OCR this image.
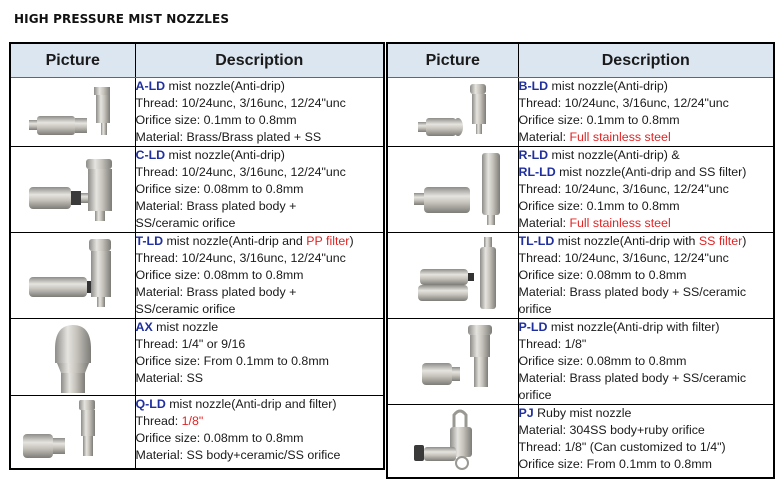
HIGH PRESSURE MIST NOZZLES
Picture	Description

A-LD mist nozzle(Anti-drip)
Thread: 10/24unc, 3/16unc, 12/24"unc
Orifice size: 0.1mm to 0.8mm
Material: Brass/Brass plated + SS

C-LD mist nozzle(Anti-drip)
Thread: 10/24unc, 3/16unc, 12/24"unc
Orifice size: 0.08mm to 0.8mm
Material: Brass plated body +
SS/ceramic orifice

T-LD mist nozzle(Anti-drip and PP filter)
Thread: 10/24unc, 3/16unc, 12/24"unc
Orifice size: 0.08mm to 0.8mm
Material: Brass plated body +
SS/ceramic orifice

AX mist nozzle
Thread: 1/4" or 9/16
Orifice size: From 0.1mm to 0.8mm
Material: SS

Q-LD mist nozzle(Anti-drip and filter)
Thread: 1/8"
Orifice size: 0.08mm to 0.8mm
Material: SS body+ceramic/SS orifice
Picture	Description

B-LD mist nozzle(Anti-drip)
Thread: 10/24unc, 3/16unc, 12/24"unc
Orifice size: 0.1mm to 0.8mm
Material: Full stainless steel

R-LD mist nozzle(Anti-drip) &
RL-LD mist nozzle(Anti-drip and SS filter)
Thread: 10/24unc, 3/16unc, 12/24"unc
Orifice size: 0.1mm to 0.8mm
Material: Full stainless steel

TL-LD mist nozzle(Anti-drip with SS filter)
Thread: 10/24unc, 3/16unc, 12/24"unc
Orifice size: 0.08mm to 0.8mm
Material: Brass plated body + SS/ceramic
orifice

P-LD mist nozzle(Anti-drip with filter)
Thread: 1/8"
Orifice size: 0.08mm to 0.8mm
Material: Brass plated body + SS/ceramic
orifice

PJ Ruby mist nozzle
Material: 304SS body+ruby orifice
Thread: 1/8" (Can customized to 1/4")
Orifice size: From 0.1mm to 0.8mm
